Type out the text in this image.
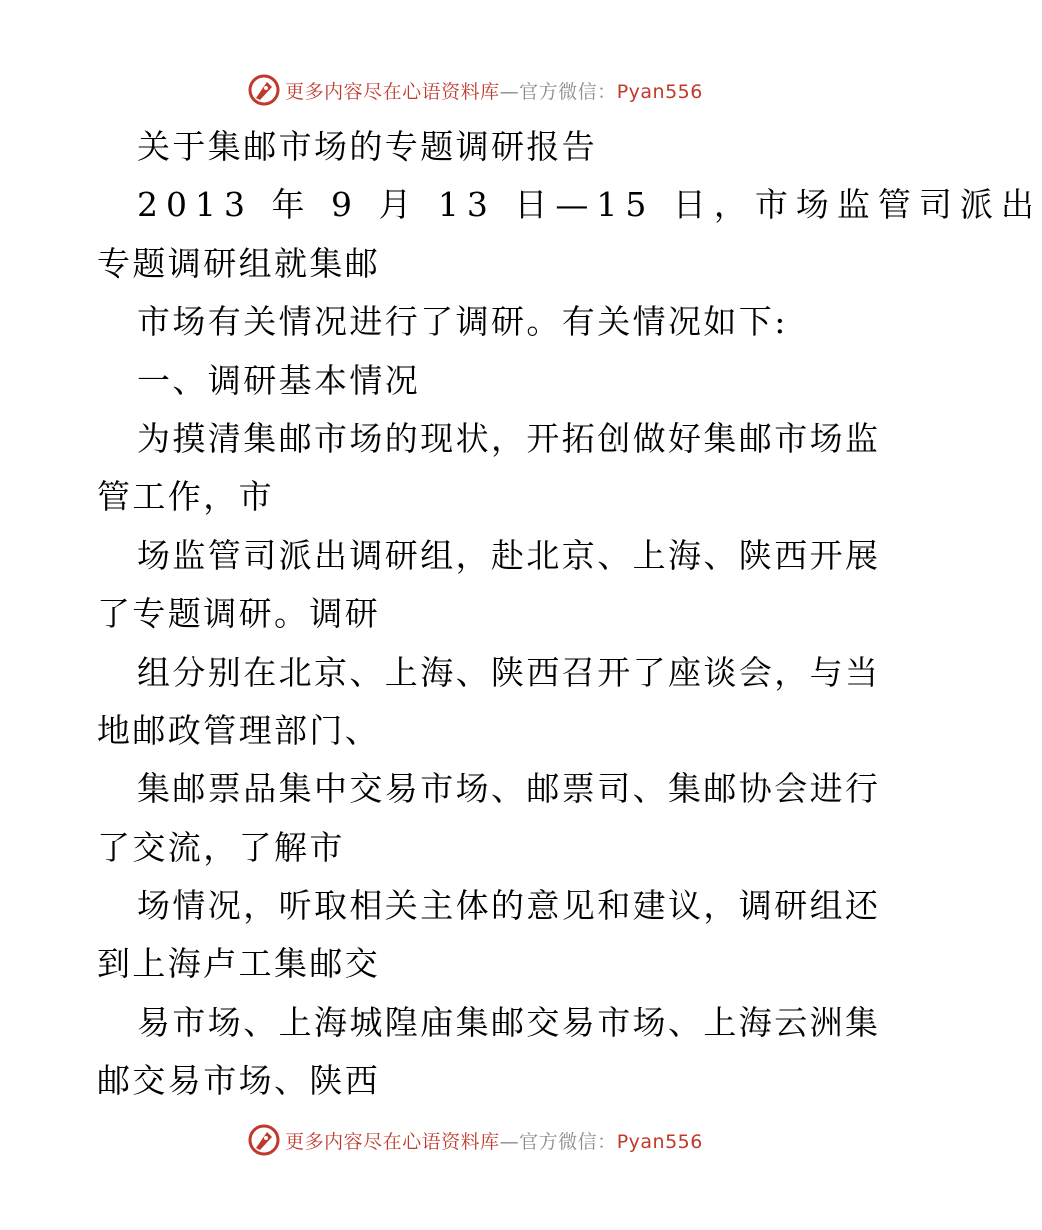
更多内容尽在心语资料库—官方微信：Pyan556
关于集邮市场的专题调研报告
2013 年 9 月 13 日—15 日，市场监管司派出
专题调研组就集邮
市场有关情况进行了调研。有关情况如下:
一、调研基本情况
为摸清集邮市场的现状，开拓创做好集邮市场监
管工作，市
场监管司派出调研组，赴北京、上海、陕西开展
了专题调研。调研
组分别在北京、上海、陕西召开了座谈会，与当
地邮政管理部门、
集邮票品集中交易市场、邮票司、集邮协会进行
了交流，了解市
场情况，听取相关主体的意见和建议，调研组还
到上海卢工集邮交
易市场、上海城隍庙集邮交易市场、上海云洲集
邮交易市场、陕西
更多内容尽在心语资料库—官方微信：Pyan556
